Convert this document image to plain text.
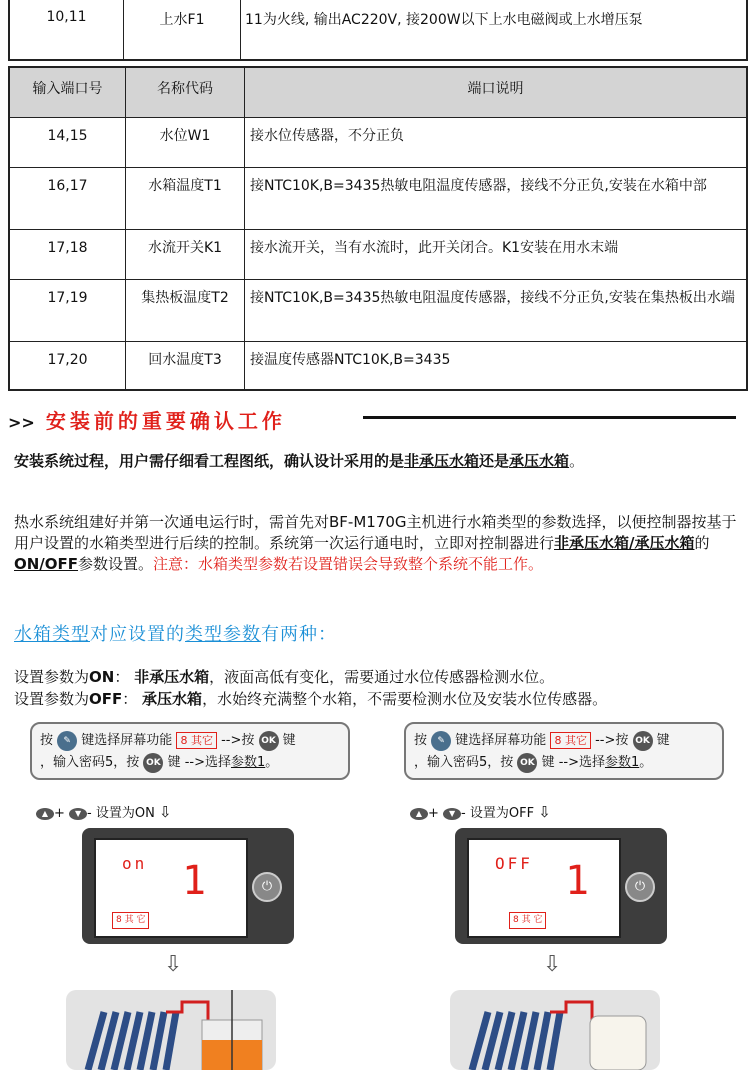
10,11	上水F1	11为火线, 输出AC220V, 接200W以下上水电磁阀或上水增压泵
输入端口号	名称代码	端口说明
14,15	水位W1	接水位传感器，不分正负
16,17	水箱温度T1	接NTC10K,B=3435热敏电阻温度传感器，接线不分正负,安装在水箱中部
17,18	水流开关K1	接水流开关，当有水流时，此开关闭合。K1安装在用水末端
17,19	集热板温度T2	接NTC10K,B=3435热敏电阻温度传感器，接线不分正负,安装在集热板出水端
17,20	回水温度T3	接温度传感器NTC10K,B=3435
>> 安装前的重要确认工作
安装系统过程，用户需仔细看工程图纸，确认设计采用的是非承压水箱还是承压水箱。
热水系统组建好并第一次通电运行时，需首先对BF-M170G主机进行水箱类型的参数选择，以便控制器按基于用户设置的水箱类型进行后续的控制。系统第一次运行通电时，立即对控制器进行非承压水箱/承压水箱的ON/OFF参数设置。注意：水箱类型参数若设置错误会导致整个系统不能工作。
水箱类型对应设置的类型参数有两种：
设置参数为ON： 非承压水箱，液面高低有变化，需要通过水位传感器检测水位。
设置参数为OFF： 承压水箱，水始终充满整个水箱，不需要检测水位及安装水位传感器。
按 ✎ 键选择屏幕功能 8 其它 -->按 OK 键
，输入密码5，按 OK 键 -->选择参数1。
按 ✎ 键选择屏幕功能 8 其它 -->按 OK 键
，输入密码5，按 OK 键 -->选择参数1。
▲ + ▼ - 设置为ON ⇩	▲ + ▼ - 设置为OFF ⇩
on 1
8 其 它
⏻
OFF 1
8 其 它
⏻
⇩	⇩
